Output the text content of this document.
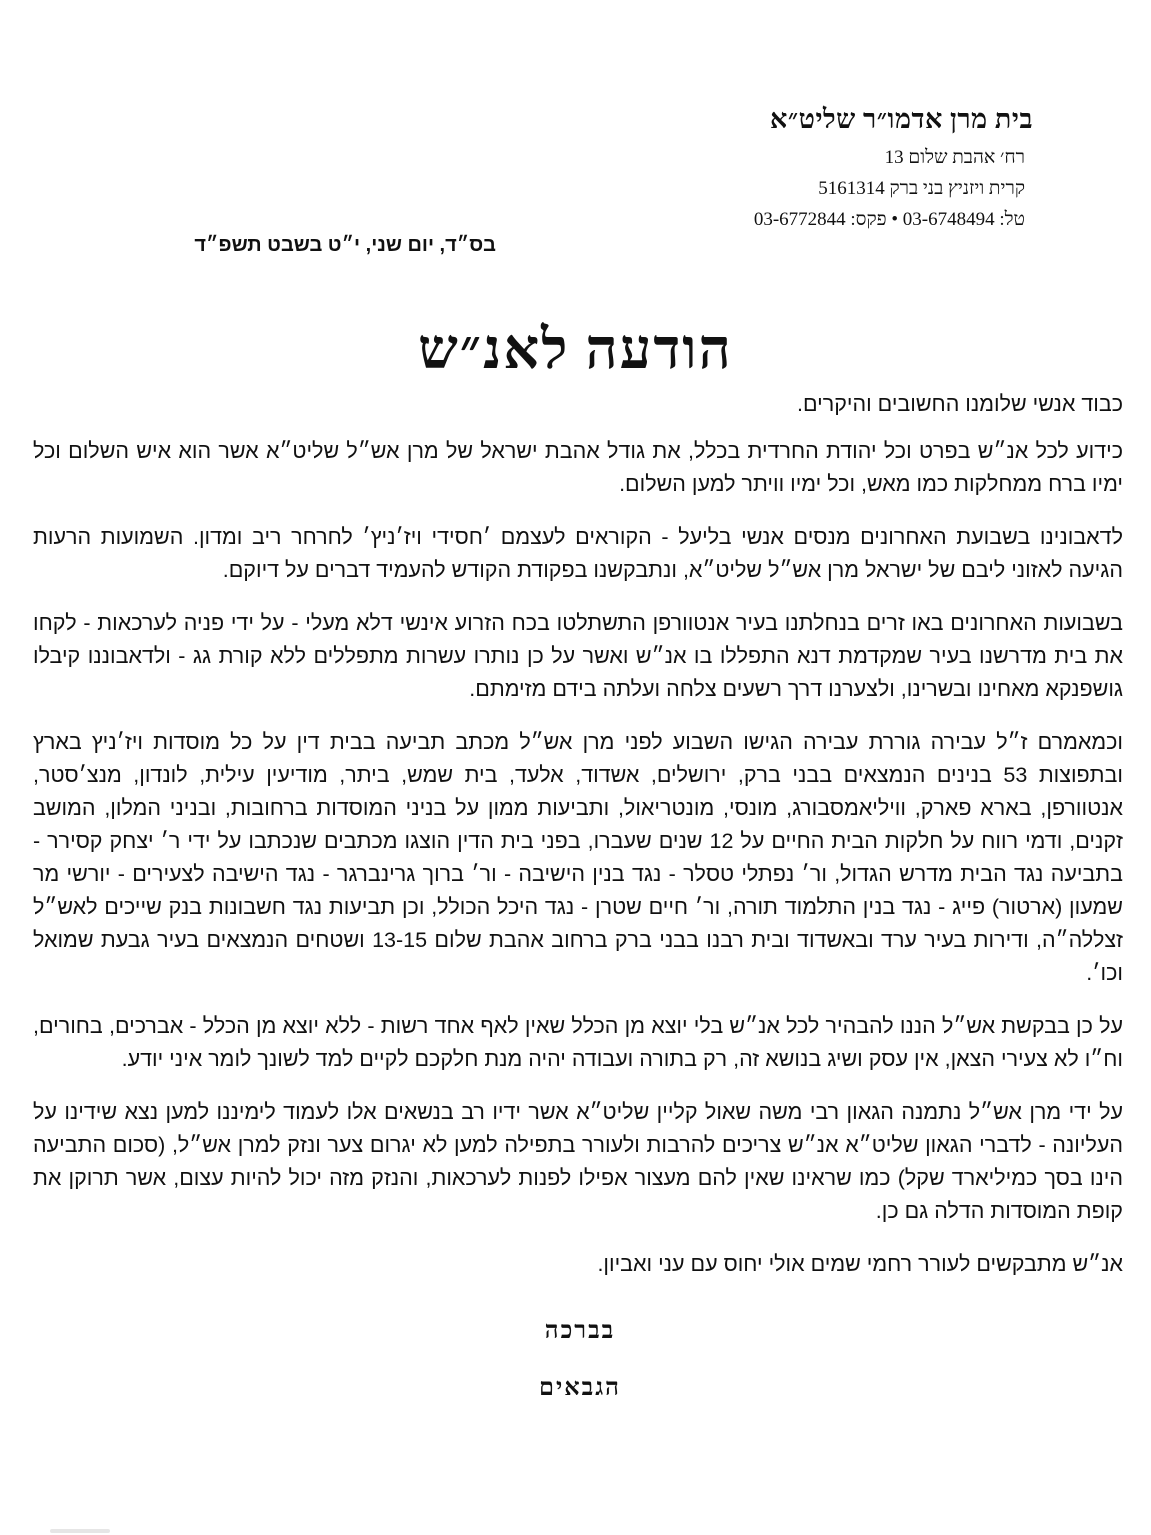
בית מרן אדמו״ר שליט״א
רח׳ אהבת שלום 13
קרית ויזניץ בני ברק 5161314
טל: 03-6748494 • פקס: 03-6772844
בס״ד, יום שני, י״ט בשבט תשפ״ד
הודעה לאנ״ש

כבוד אנשי שלומנו החשובים והיקרים.

כידוע לכל אנ״ש בפרט וכל יהודת החרדית בכלל, את גודל אהבת ישראל של מרן אש״ל שליט״א אשר הוא איש השלום וכל ימיו ברח ממחלקות כמו מאש, וכל ימיו וויתר למען השלום.

לדאבונינו בשבועת האחרונים מנסים אנשי בליעל - הקוראים לעצמם ׳חסידי ויז׳ניץ׳ לחרחר ריב ומדון. השמועות הרעות הגיעה לאזוני ליבם של ישראל מרן אש״ל שליט״א, ונתבקשנו בפקודת הקודש להעמיד דברים על דיוקם.

בשבועות האחרונים באו זרים בנחלתנו בעיר אנטוורפן התשתלטו בכח הזרוע אינשי דלא מעלי - על ידי פניה לערכאות - לקחו את בית מדרשנו בעיר שמקדמת דנא התפללו בו אנ״ש ואשר על כן נותרו עשרות מתפללים ללא קורת גג - ולדאבוננו קיבלו גושפנקא מאחינו ובשרינו, ולצערנו דרך רשעים צלחה ועלתה בידם מזימתם.

וכמאמרם ז״ל עבירה גוררת עבירה הגישו השבוע לפני מרן אש״ל מכתב תביעה בבית דין על כל מוסדות ויז׳ניץ בארץ ובתפוצות 53 בנינים הנמצאים בבני ברק, ירושלים, אשדוד, אלעד, בית שמש, ביתר, מודיעין עילית, לונדון, מנצ׳סטר, אנטוורפן, בארא פארק, וויליאמסבורג, מונסי, מונטריאול, ותביעות ממון על בניני המוסדות ברחובות, ובניני המלון, המושב זקנים, ודמי רווח על חלקות הבית החיים על 12 שנים שעברו, בפני בית הדין הוצגו מכתבים שנכתבו על ידי ר׳ יצחק קסירר - בתביעה נגד הבית מדרש הגדול, ור׳ נפתלי טסלר - נגד בנין הישיבה - ור׳ ברוך גרינברגר - נגד הישיבה לצעירים - יורשי מר שמעון (ארטור) פייג - נגד בנין התלמוד תורה, ור׳ חיים שטרן - נגד היכל הכולל, וכן תביעות נגד חשבונות בנק שייכים לאש״ל זצללה״ה, ודירות בעיר ערד ובאשדוד ובית רבנו בבני ברק ברחוב אהבת שלום 13-15 ושטחים הנמצאים בעיר גבעת שמואל וכו׳.

על כן בבקשת אש״ל הננו להבהיר לכל אנ״ש בלי יוצא מן הכלל שאין לאף אחד רשות - ללא יוצא מן הכלל - אברכים, בחורים, וח״ו לא צעירי הצאן, אין עסק ושיג בנושא זה, רק בתורה ועבודה יהיה מנת חלקכם לקיים למד לשונך לומר איני יודע.

על ידי מרן אש״ל נתמנה הגאון רבי משה שאול קליין שליט״א אשר ידיו רב בנשאים אלו לעמוד לימיננו למען נצא שידינו על העליונה - לדברי הגאון שליט״א אנ״ש צריכים להרבות ולעורר בתפילה למען לא יגרום צער ונזק למרן אש״ל, (סכום התביעה הינו בסך כמיליארד שקל) כמו שראינו שאין להם מעצור אפילו לפנות לערכאות, והנזק מזה יכול להיות עצום, אשר תרוקן את קופת המוסדות הדלה גם כן.

אנ״ש מתבקשים לעורר רחמי שמים אולי יחוס עם עני ואביון.

בברכה
הגבאים
